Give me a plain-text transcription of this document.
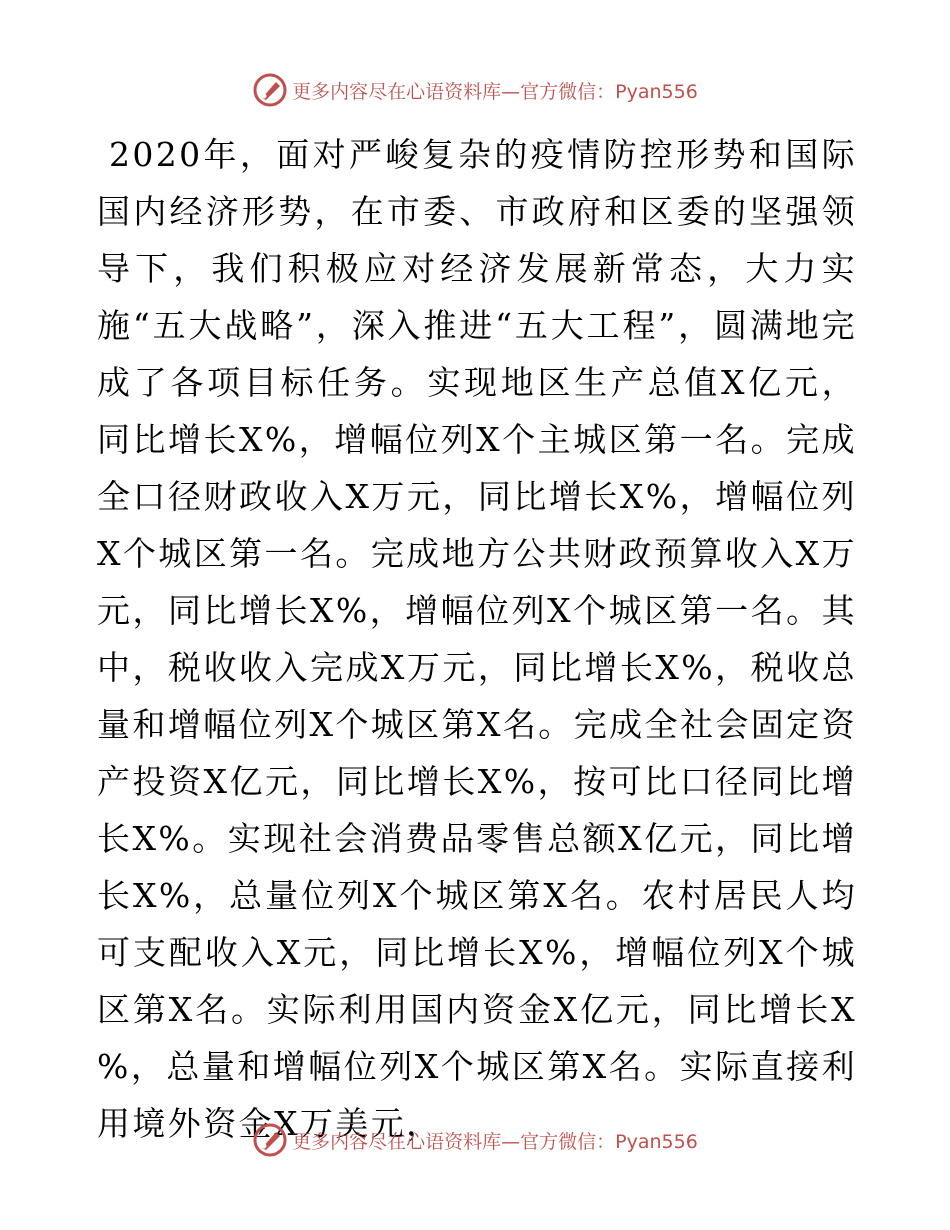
更多内容尽在心语资料库—官方微信：Pyan556

2020年，面对严峻复杂的疫情防控形势和国际国内经济形势，在市委、市政府和区委的坚强领导下，我们积极应对经济发展新常态，大力实施“五大战略”，深入推进“五大工程”，圆满地完成了各项目标任务。实现地区生产总值X亿元，同比增长X%，增幅位列X个主城区第一名。完成全口径财政收入X万元，同比增长X%，增幅位列X个城区第一名。完成地方公共财政预算收入X万元，同比增长X%，增幅位列X个城区第一名。其中，税收收入完成X万元，同比增长X%，税收总量和增幅位列X个城区第X名。完成全社会固定资产投资X亿元，同比增长X%，按可比口径同比增长X%。实现社会消费品零售总额X亿元，同比增长X%，总量位列X个城区第X名。农村居民人均可支配收入X元，同比增长X%，增幅位列X个城区第X名。实际利用国内资金X亿元，同比增长X %，总量和增幅位列X个城区第X名。实际直接利用境外资金X万美元，

更多内容尽在心语资料库—官方微信：Pyan556
